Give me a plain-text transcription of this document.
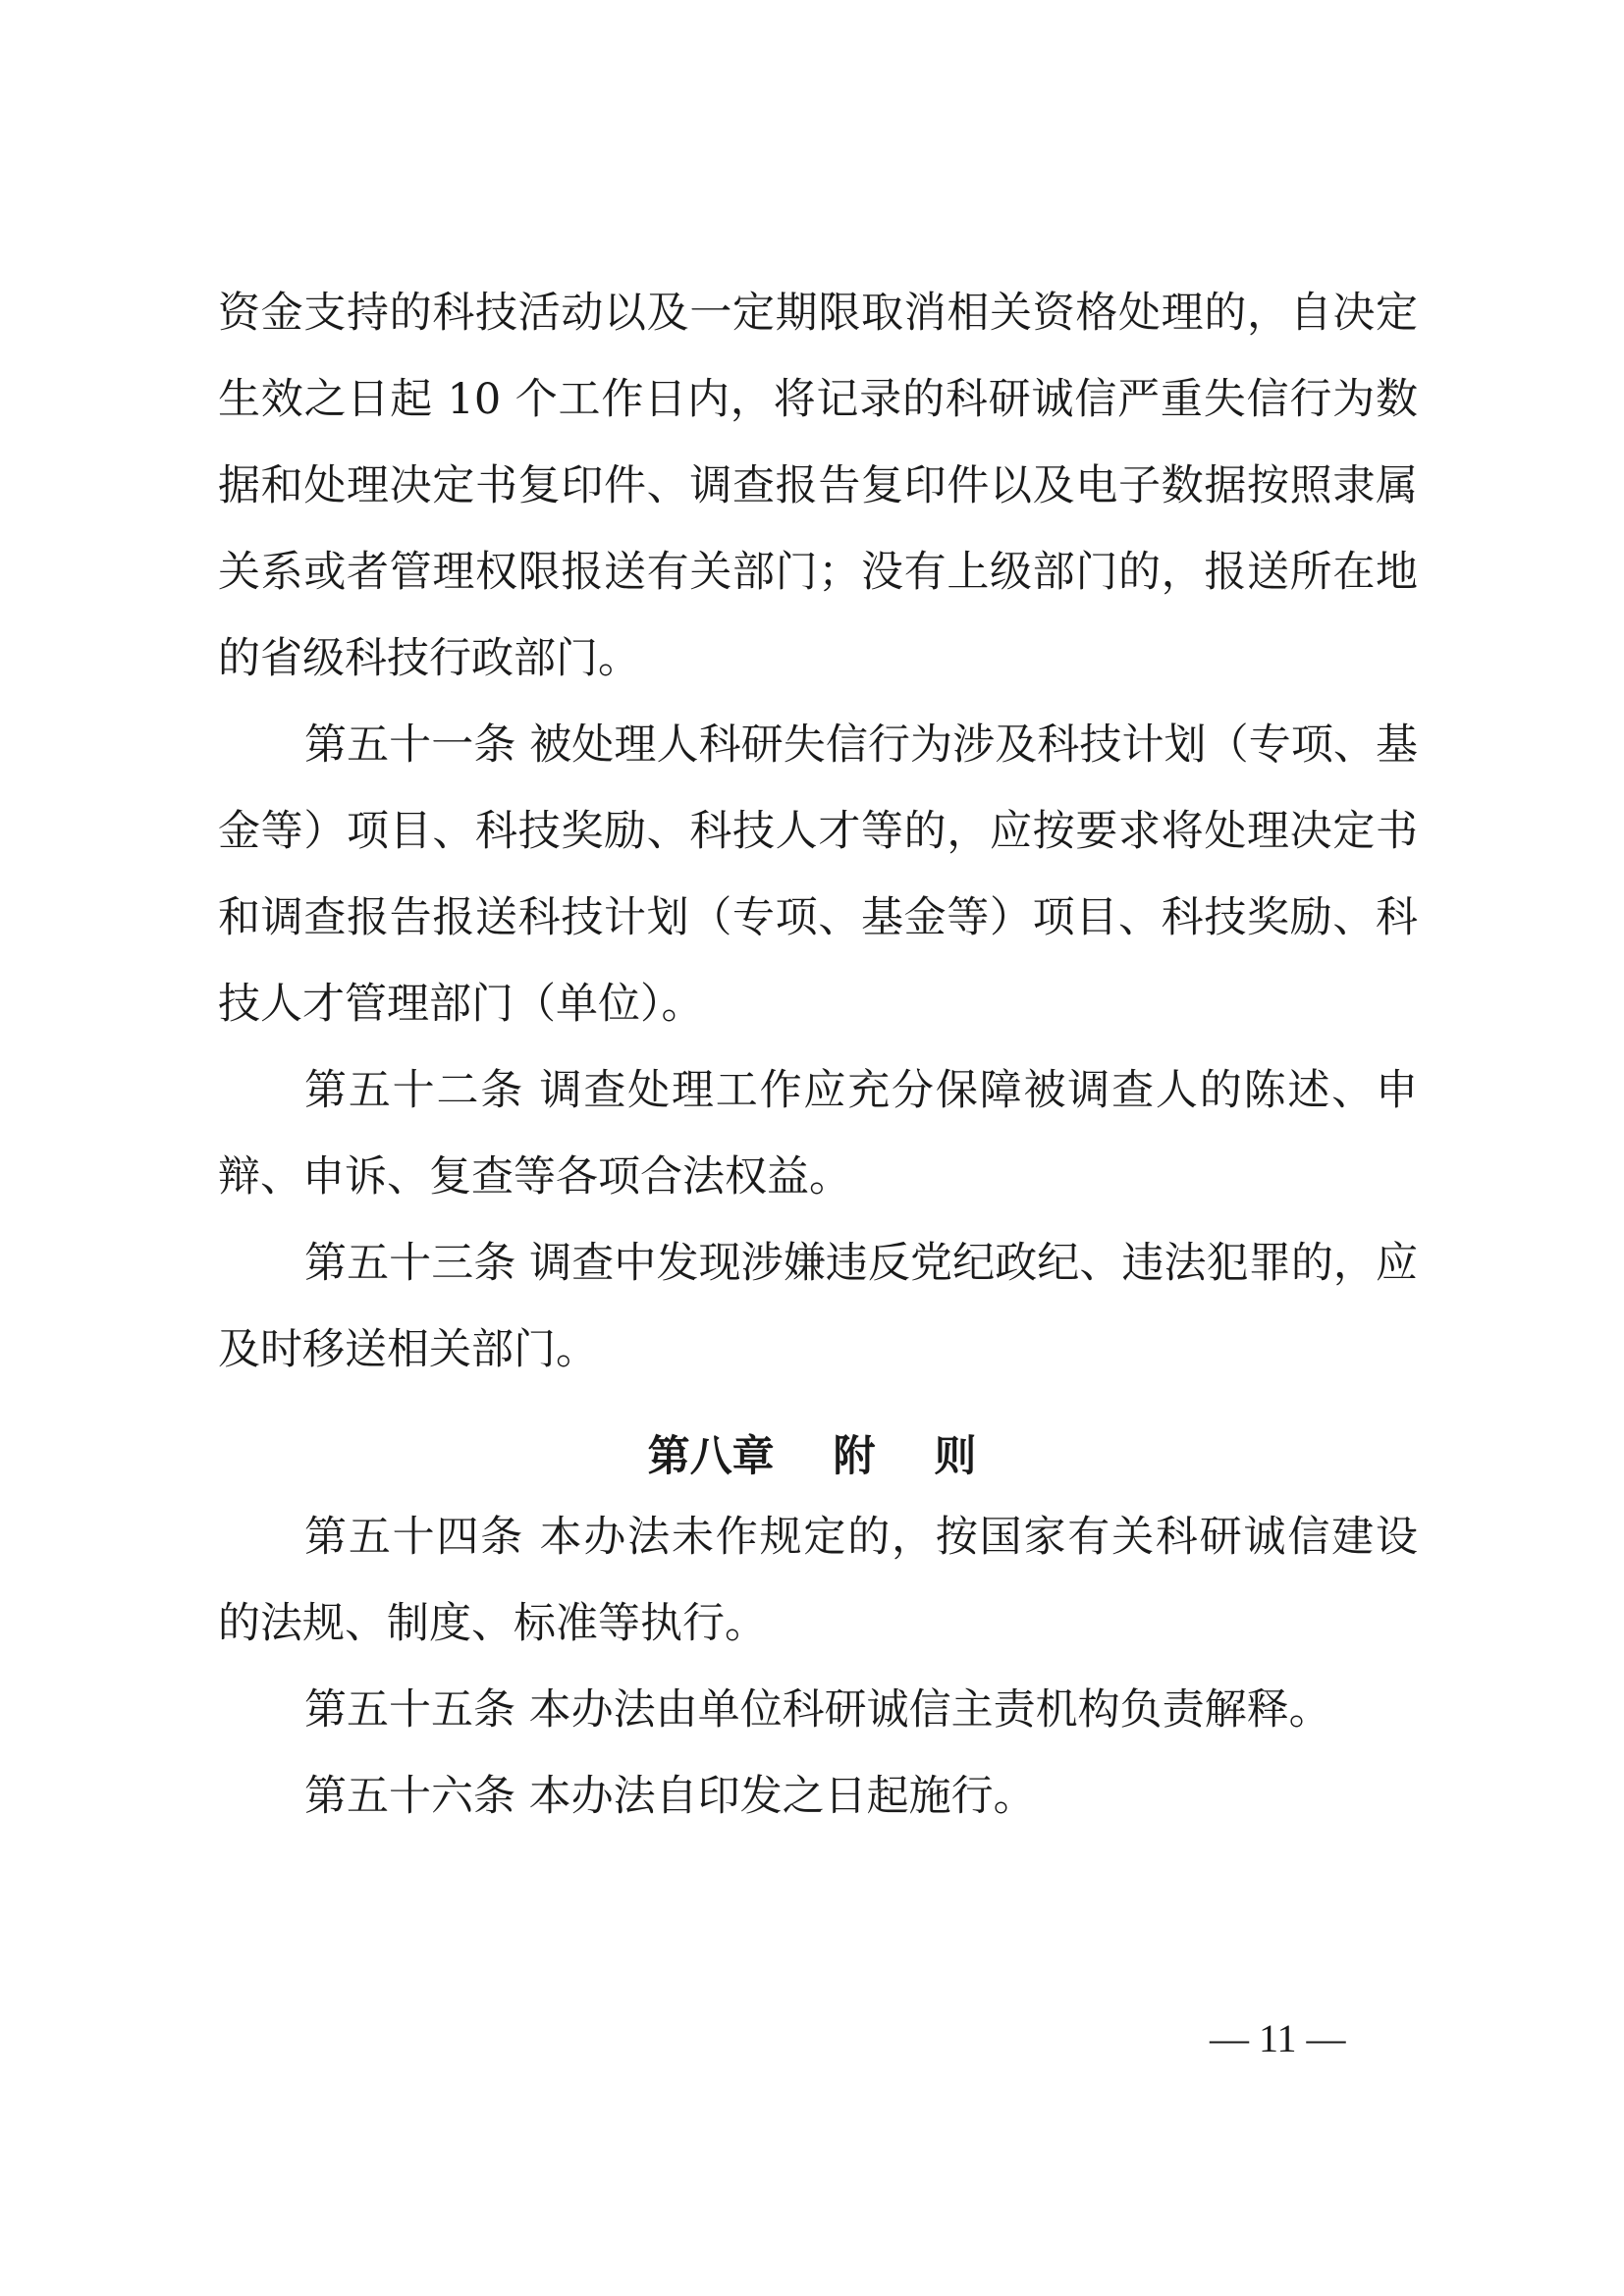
资金支持的科技活动以及一定期限取消相关资格处理的，自决定
生效之日起 10 个工作日内，将记录的科研诚信严重失信行为数
据和处理决定书复印件、调查报告复印件以及电子数据按照隶属
关系或者管理权限报送有关部门；没有上级部门的，报送所在地
的省级科技行政部门。
第五十一条 被处理人科研失信行为涉及科技计划（专项、基
金等）项目、科技奖励、科技人才等的，应按要求将处理决定书
和调查报告报送科技计划（专项、基金等）项目、科技奖励、科
技人才管理部门（单位）。
第五十二条 调查处理工作应充分保障被调查人的陈述、申
辩、申诉、复查等各项合法权益。
第五十三条 调查中发现涉嫌违反党纪政纪、违法犯罪的，应
及时移送相关部门。
第八章    附    则
第五十四条 本办法未作规定的，按国家有关科研诚信建设
的法规、制度、标准等执行。
第五十五条 本办法由单位科研诚信主责机构负责解释。
第五十六条 本办法自印发之日起施行。
— 11 —
